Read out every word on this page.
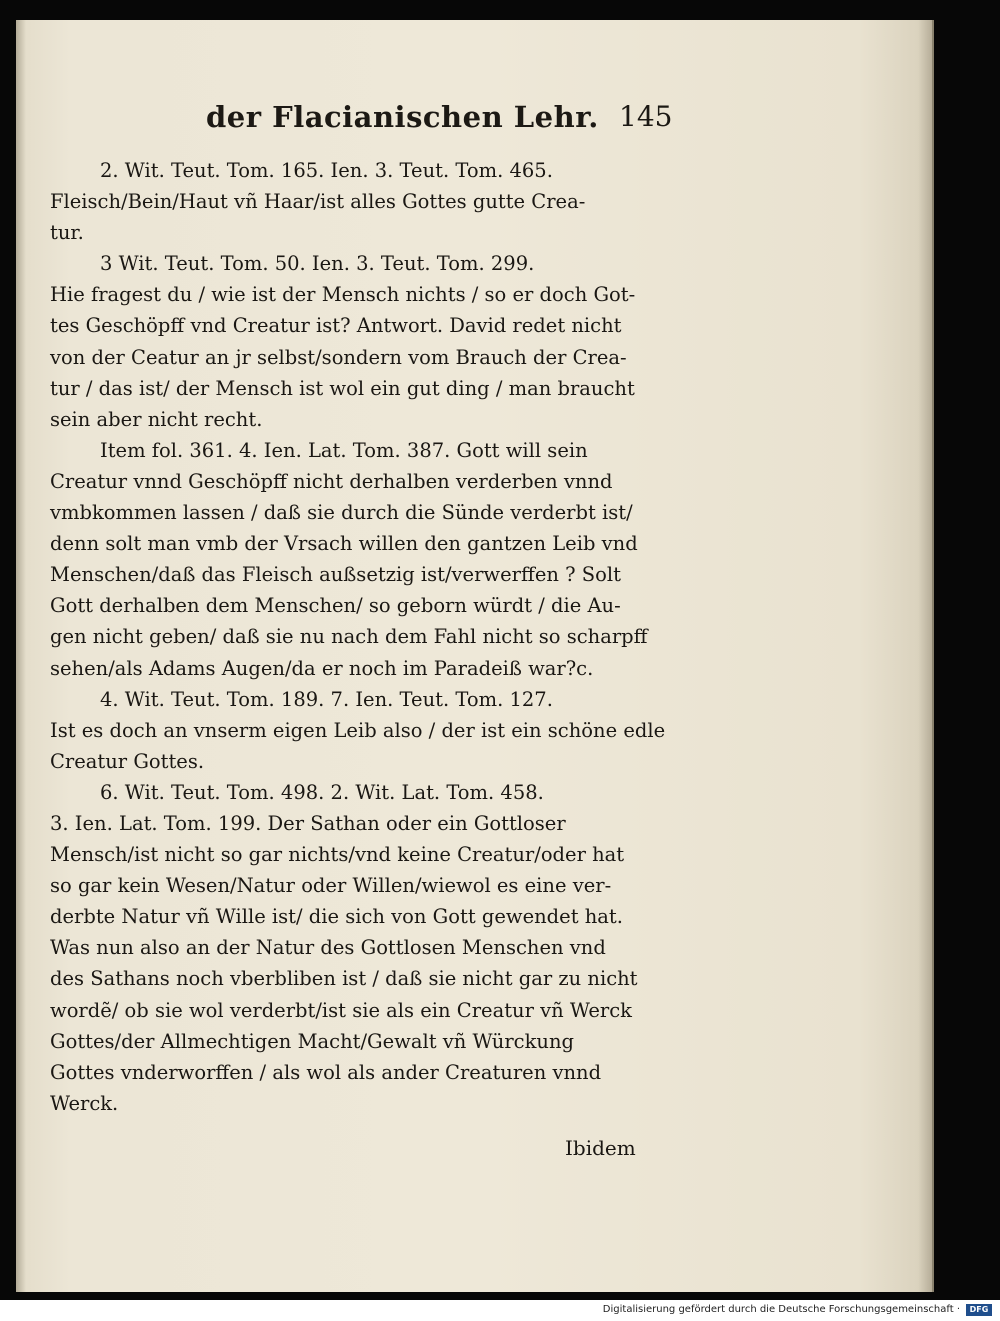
der Flacianischen Lehr. 145
2. Wit. Teut. Tom. 165. Ien. 3. Teut. Tom. 465.
Fleisch/Bein/Haut vñ Haar/ist alles Gottes gutte Crea-
tur.
3 Wit. Teut. Tom. 50. Ien. 3. Teut. Tom. 299.
Hie fragest du / wie ist der Mensch nichts / so er doch Got-
tes Geschöpff vnd Creatur ist? Antwort. David redet nicht
von der Ceatur an jr selbst/sondern vom Brauch der Crea-
tur / das ist/ der Mensch ist wol ein gut ding / man braucht
sein aber nicht recht.
Item fol. 361. 4. Ien. Lat. Tom. 387. Gott will sein
Creatur vnnd Geschöpff nicht derhalben verderben vnnd
vmbkommen lassen / daß sie durch die Sünde verderbt ist/
denn solt man vmb der Vrsach willen den gantzen Leib vnd
Menschen/daß das Fleisch außsetzig ist/verwerffen ? Solt
Gott derhalben dem Menschen/ so geborn würdt / die Au-
gen nicht geben/ daß sie nu nach dem Fahl nicht so scharpff
sehen/als Adams Augen/da er noch im Paradeiß war?c.
4. Wit. Teut. Tom. 189. 7. Ien. Teut. Tom. 127.
Ist es doch an vnserm eigen Leib also / der ist ein schöne edle
Creatur Gottes.
6. Wit. Teut. Tom. 498. 2. Wit. Lat. Tom. 458.
3. Ien. Lat. Tom. 199. Der Sathan oder ein Gottloser
Mensch/ist nicht so gar nichts/vnd keine Creatur/oder hat
so gar kein Wesen/Natur oder Willen/wiewol es eine ver-
derbte Natur vñ Wille ist/ die sich von Gott gewendet hat.
Was nun also an der Natur des Gottlosen Menschen vnd
des Sathans noch vberbliben ist / daß sie nicht gar zu nicht
wordẽ/ ob sie wol verderbt/ist sie als ein Creatur vñ Werck
Gottes/der Allmechtigen Macht/Gewalt vñ Würckung
Gottes vnderworffen / als wol als ander Creaturen vnnd
Werck.
Ibidem
Digitalisierung gefördert durch die Deutsche Forschungsgemeinschaft ·	DFG
